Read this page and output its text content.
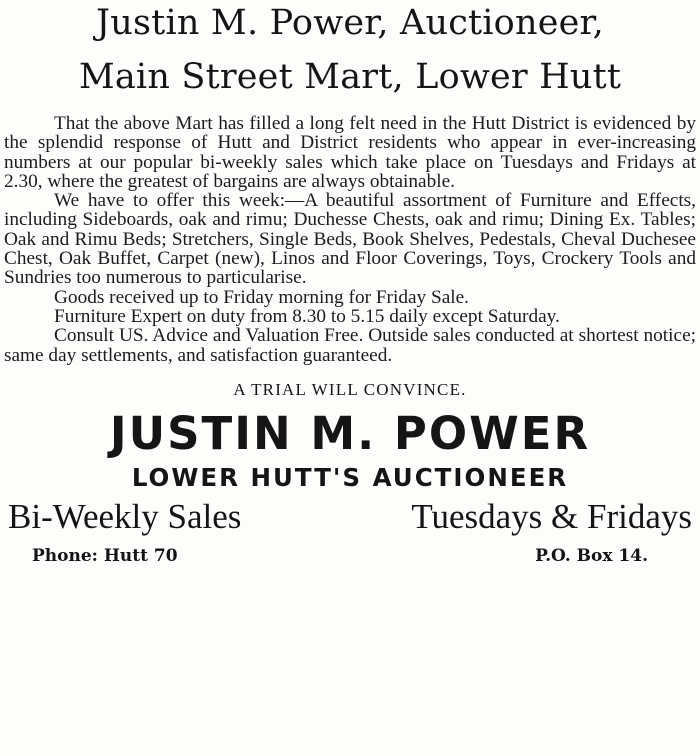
Justin M. Power, Auctioneer,
Main Street Mart, Lower Hutt

That the above Mart has filled a long felt need in the Hutt District is evidenced by the splendid response of Hutt and District residents who appear in ever-increasing numbers at our popular bi-weekly sales which take place on Tuesdays and Fridays at 2.30, where the greatest of bargains are always obtainable.

We have to offer this week:—A beautiful assortment of Furniture and Effects, including Sideboards, oak and rimu; Duchesse Chests, oak and rimu; Dining Ex. Tables; Oak and Rimu Beds; Stretchers, Single Beds, Book Shelves, Pedestals, Cheval Duchesee Chest, Oak Buffet, Carpet (new), Linos and Floor Coverings, Toys, Crockery Tools and Sundries too numerous to particularise.

Goods received up to Friday morning for Friday Sale.

Furniture Expert on duty from 8.30 to 5.15 daily except Saturday.

Consult US. Advice and Valuation Free. Outside sales conducted at shortest notice; same day settlements, and satisfaction guaranteed.

A TRIAL WILL CONVINCE.
JUSTIN M. POWER
LOWER HUTT'S AUCTIONEER
Bi-Weekly Sales	Tuesdays & Fridays
Phone: Hutt 70	P.O. Box 14.
